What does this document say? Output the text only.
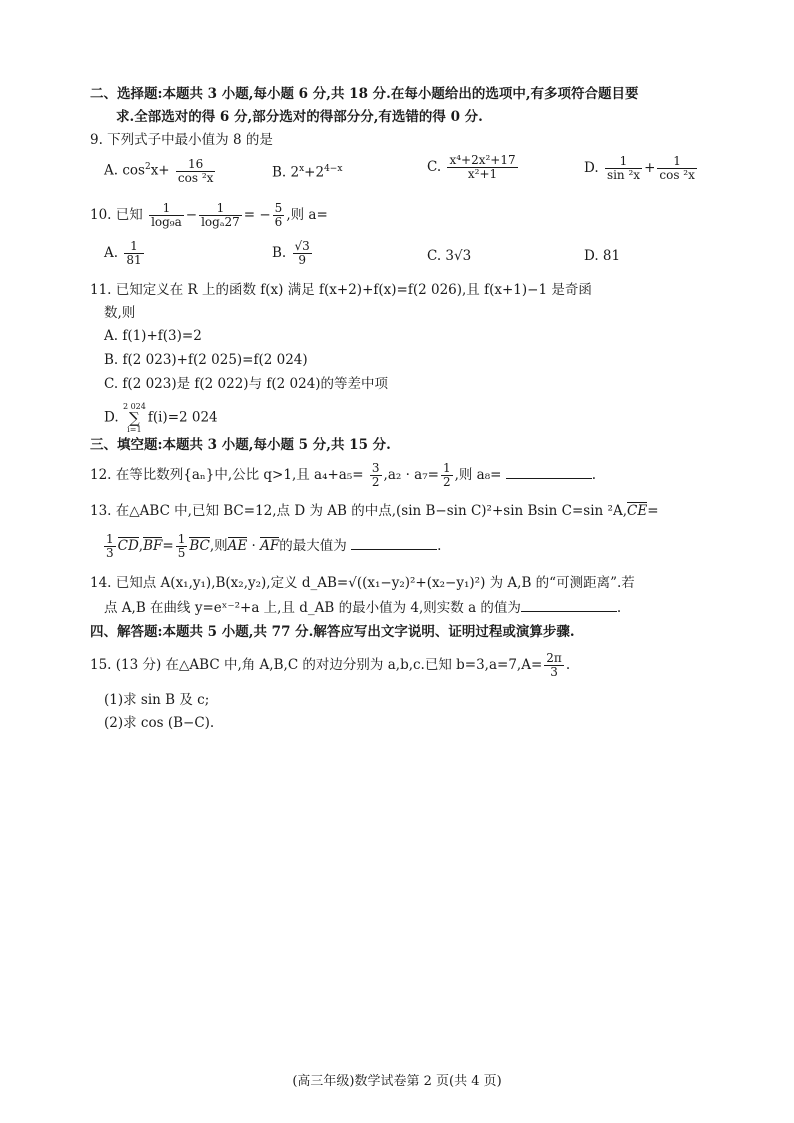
二、选择题:本题共 3 小题,每小题 6 分,共 18 分.在每小题给出的选项中,有多项符合题目要
求.全部选对的得 6 分,部分选对的得部分分,有选错的得 0 分.
9. 下列式子中最小值为 8 的是
A. $\cos^2x+ \frac{16}{\text{cos ²x}}$	B. $2^x+2^{4-x}$	C. $\frac{\text{x⁴+2x²+17}}{\text{x²+1}}$	D. $\frac{1}{\text{sin ²x}} + \frac{1}{\text{cos ²x}}$
10. 已知 $\frac{1}{\text{log₉a}} - \frac{1}{\text{logₐ27}}$ = − $\frac{5}{6}$ ,则 a=
A. $\frac{1}{81}$	B. $\frac{√3}{9}$	C. 3√3	D. 81
11. 已知定义在 R 上的函数 f(x) 满足 f(x+2)+f(x)=f(2 026),且 f(x+1)−1 是奇函
数,则
A. f(1)+f(3)=2
B. f(2 023)+f(2 025)=f(2 024)
C. f(2 023)是 f(2 022)与 f(2 024)的等差中项
D. 2 024
∑
i=1f(i)=2 024
三、填空题:本题共 3 小题,每小题 5 分,共 15 分.
12. 在等比数列{aₙ}中,公比 q>1,且 $a_4+a_5= \frac{3}{2} ,a_2 \cdot a_7= \frac{1}{2}$ ,则 a₈=	.
13. 在△ABC 中,已知 BC=12,点 D 为 AB 的中点,(sin B−sin C)²+sin Bsin C=sin ²A,CE=
$\frac{1}{3} CD,BF= \frac{1}{5}$ BC,则AE · AF的最大值为	.
14. 已知点 A(x₁,y₁),B(x₂,y₂),定义 d_AB=√((x₁−y₂)²+(x₂−y₁)²) 为 A,B 的“可测距离”.若
点 A,B 在曲线 y=eˣ⁻²+a 上,且 d_AB 的最小值为 4,则实数 a 的值为	.
四、解答题:本题共 5 小题,共 77 分.解答应写出文字说明、证明过程或演算步骤.
15. (13 分) 在△ABC 中,角 A,B,C 的对边分别为 a,b,c.已知 $b=3,a=7,A= \frac{2\pi}{3}$ .
(1)求 sin B 及 c;
(2)求 cos (B−C).
(高三年级)数学试卷第 2 页(共 4 页)
